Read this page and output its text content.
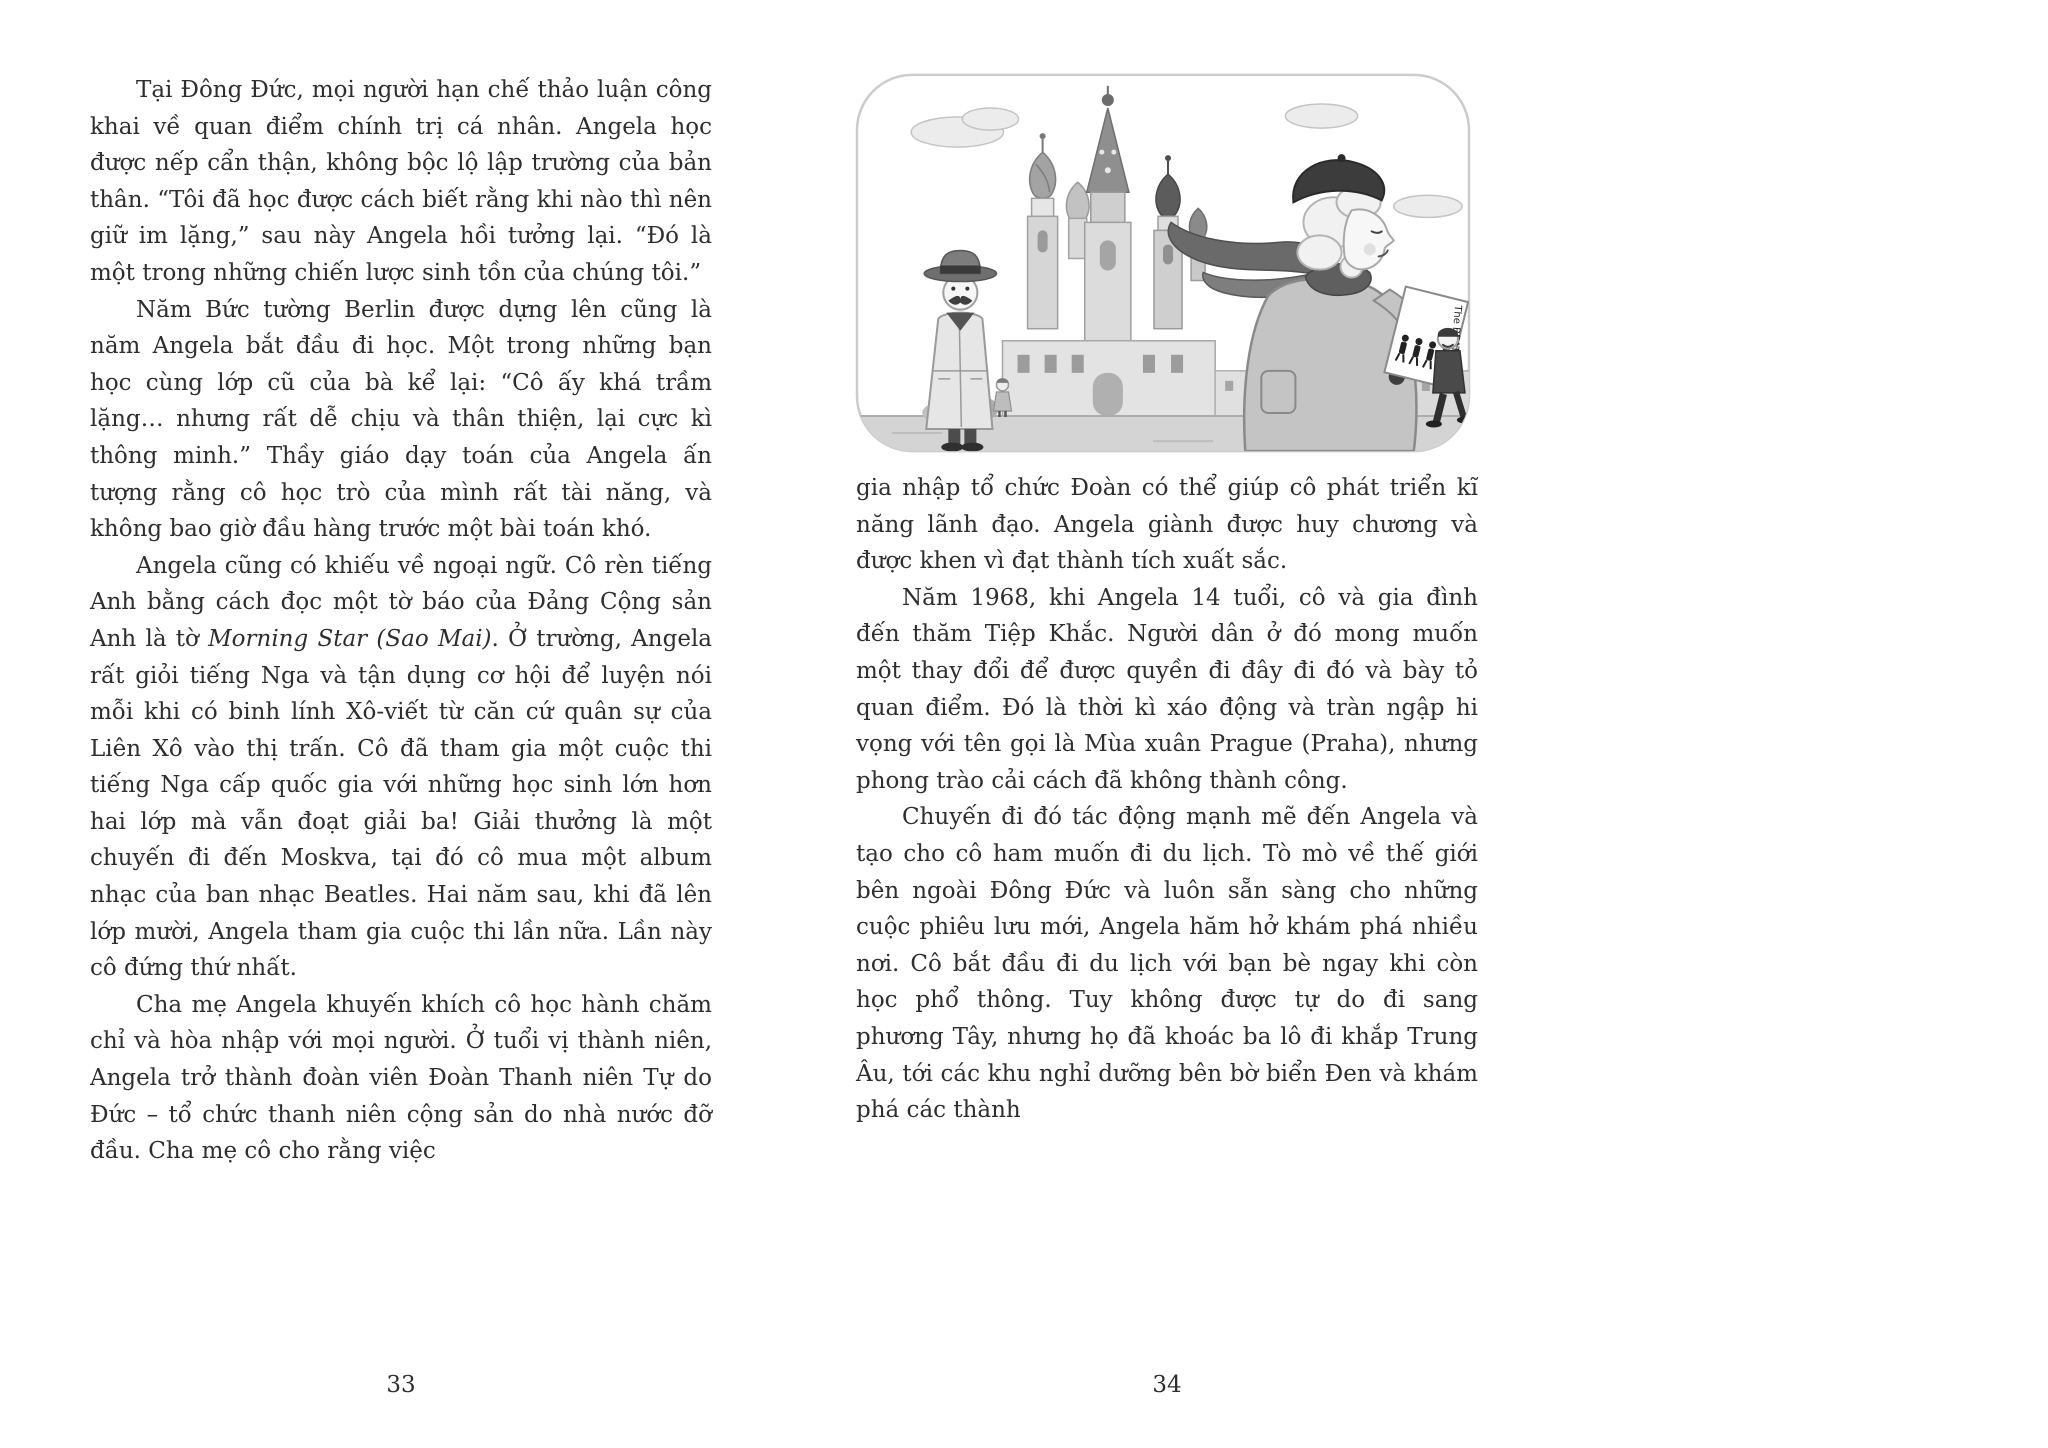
Tại Đông Đức, mọi người hạn chế thảo luận công khai về quan điểm chính trị cá nhân. Angela học được nếp cẩn thận, không bộc lộ lập trường của bản thân. “Tôi đã học được cách biết rằng khi nào thì nên giữ im lặng,” sau này Angela hồi tưởng lại. “Đó là một trong những chiến lược sinh tồn của chúng tôi.”

Năm Bức tường Berlin được dựng lên cũng là năm Angela bắt đầu đi học. Một trong những bạn học cùng lớp cũ của bà kể lại: “Cô ấy khá trầm lặng… nhưng rất dễ chịu và thân thiện, lại cực kì thông minh.” Thầy giáo dạy toán của Angela ấn tượng rằng cô học trò của mình rất tài năng, và không bao giờ đầu hàng trước một bài toán khó.

Angela cũng có khiếu về ngoại ngữ. Cô rèn tiếng Anh bằng cách đọc một tờ báo của Đảng Cộng sản Anh là tờ Morning Star (Sao Mai). Ở trường, Angela rất giỏi tiếng Nga và tận dụng cơ hội để luyện nói mỗi khi có binh lính Xô-viết từ căn cứ quân sự của Liên Xô vào thị trấn. Cô đã tham gia một cuộc thi tiếng Nga cấp quốc gia với những học sinh lớn hơn hai lớp mà vẫn đoạt giải ba! Giải thưởng là một chuyến đi đến Moskva, tại đó cô mua một album nhạc của ban nhạc Beatles. Hai năm sau, khi đã lên lớp mười, Angela tham gia cuộc thi lần nữa. Lần này cô đứng thứ nhất.

Cha mẹ Angela khuyến khích cô học hành chăm chỉ và hòa nhập với mọi người. Ở tuổi vị thành niên, Angela trở thành đoàn viên Đoàn Thanh niên Tự do Đức – tổ chức thanh niên cộng sản do nhà nước đỡ đầu. Cha mẹ cô cho rằng việc

33
The BEATLES

gia nhập tổ chức Đoàn có thể giúp cô phát triển kĩ năng lãnh đạo. Angela giành được huy chương và được khen vì đạt thành tích xuất sắc.

Năm 1968, khi Angela 14 tuổi, cô và gia đình đến thăm Tiệp Khắc. Người dân ở đó mong muốn một thay đổi để được quyền đi đây đi đó và bày tỏ quan điểm. Đó là thời kì xáo động và tràn ngập hi vọng với tên gọi là Mùa xuân Prague (Praha), nhưng phong trào cải cách đã không thành công.

Chuyến đi đó tác động mạnh mẽ đến Angela và tạo cho cô ham muốn đi du lịch. Tò mò về thế giới bên ngoài Đông Đức và luôn sẵn sàng cho những cuộc phiêu lưu mới, Angela hăm hở khám phá nhiều nơi. Cô bắt đầu đi du lịch với bạn bè ngay khi còn học phổ thông. Tuy không được tự do đi sang phương Tây, nhưng họ đã khoác ba lô đi khắp Trung Âu, tới các khu nghỉ dưỡng bên bờ biển Đen và khám phá các thành

34
